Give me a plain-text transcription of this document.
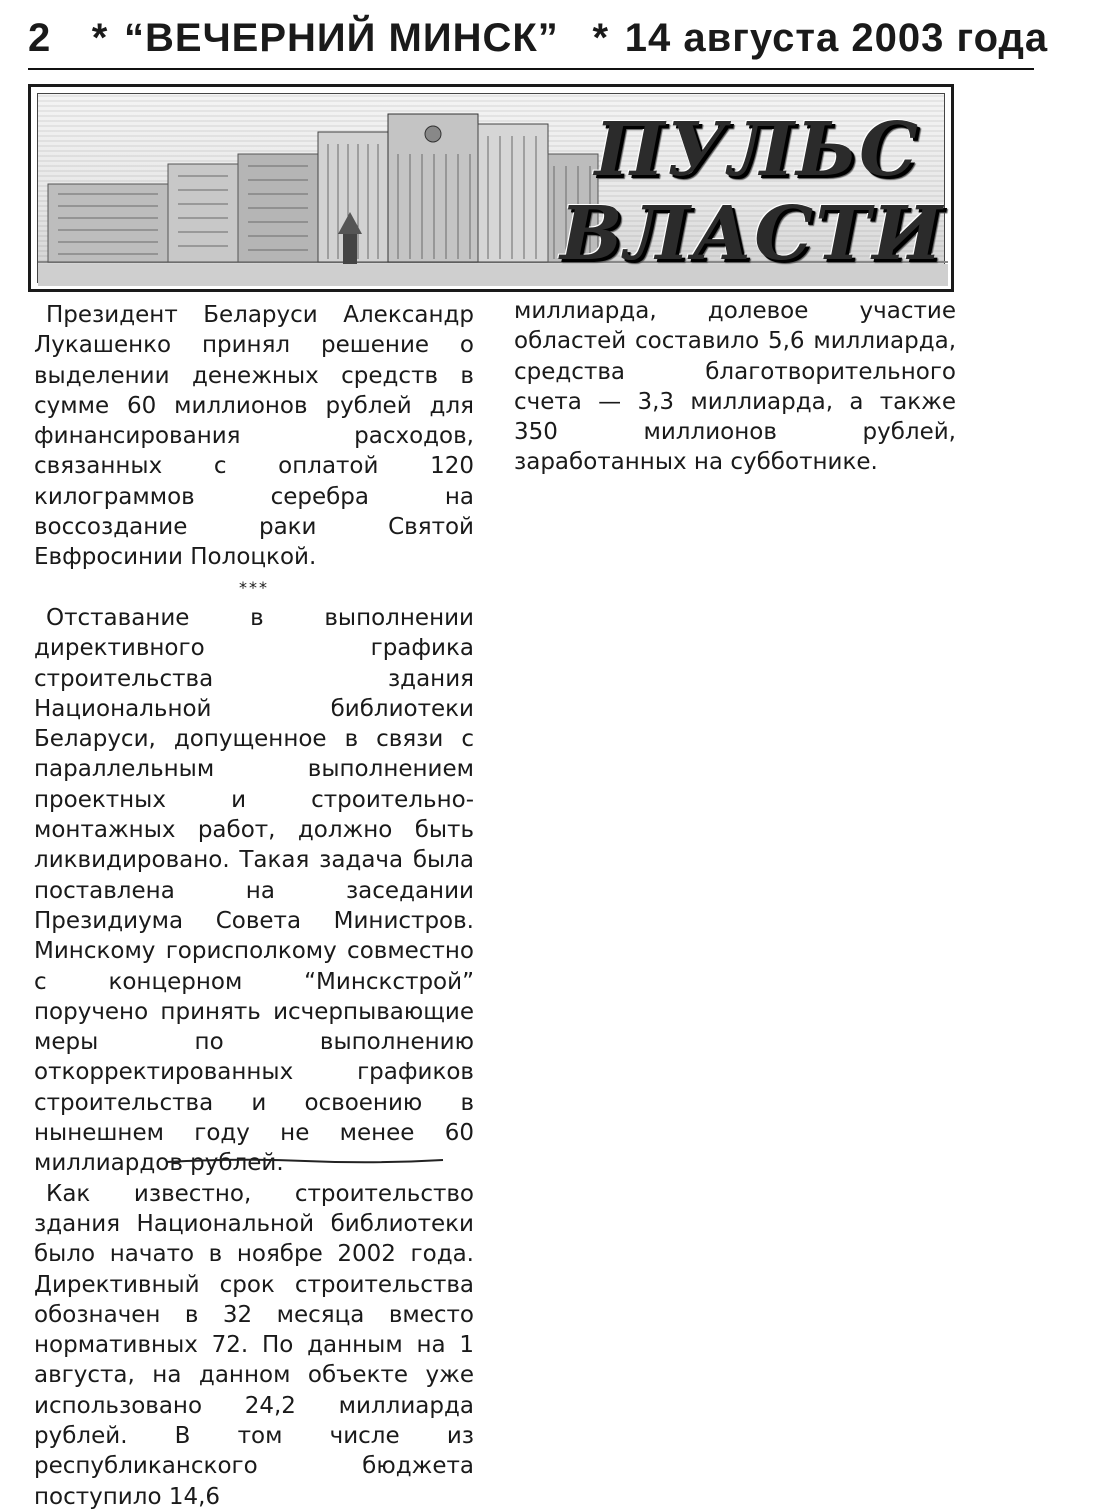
2 * “ВЕЧЕРНИЙ МИНСК” * 14 августа 2003 года
ПУЛЬС
ВЛАСТИ

Президент Беларуси Александр Лукашенко принял решение о выделении денежных средств в сумме 60 миллионов рублей для финансирования расходов, связанных с оплатой 120 килограммов серебра на воссоздание раки Святой Евфросинии Полоцкой.

***

Отставание в выполнении директивного графика строительства здания Национальной библиотеки Беларуси, допущенное в связи с параллельным выполнением проектных и строительно-монтажных работ, должно быть ликвидировано. Такая задача была поставлена на заседании Президиума Совета Министров. Минскому горисполкому совместно с концерном “Минскстрой” поручено принять исчерпывающие меры по выполнению откорректированных графиков строительства и освоению в нынешнем году не менее 60 миллиардов рублей.

Как известно, строительство здания Национальной библиотеки было начато в ноябре 2002 года. Директивный срок строительства обозначен в 32 месяца вместо нормативных 72. По данным на 1 августа, на данном объекте уже использовано 24,2 миллиарда рублей. В том числе из республиканского бюджета поступило 14,6

миллиарда, долевое участие областей составило 5,6 миллиарда, средства благотворительного счета — 3,3 миллиарда, а также 350 миллионов рублей, заработанных на субботнике.
